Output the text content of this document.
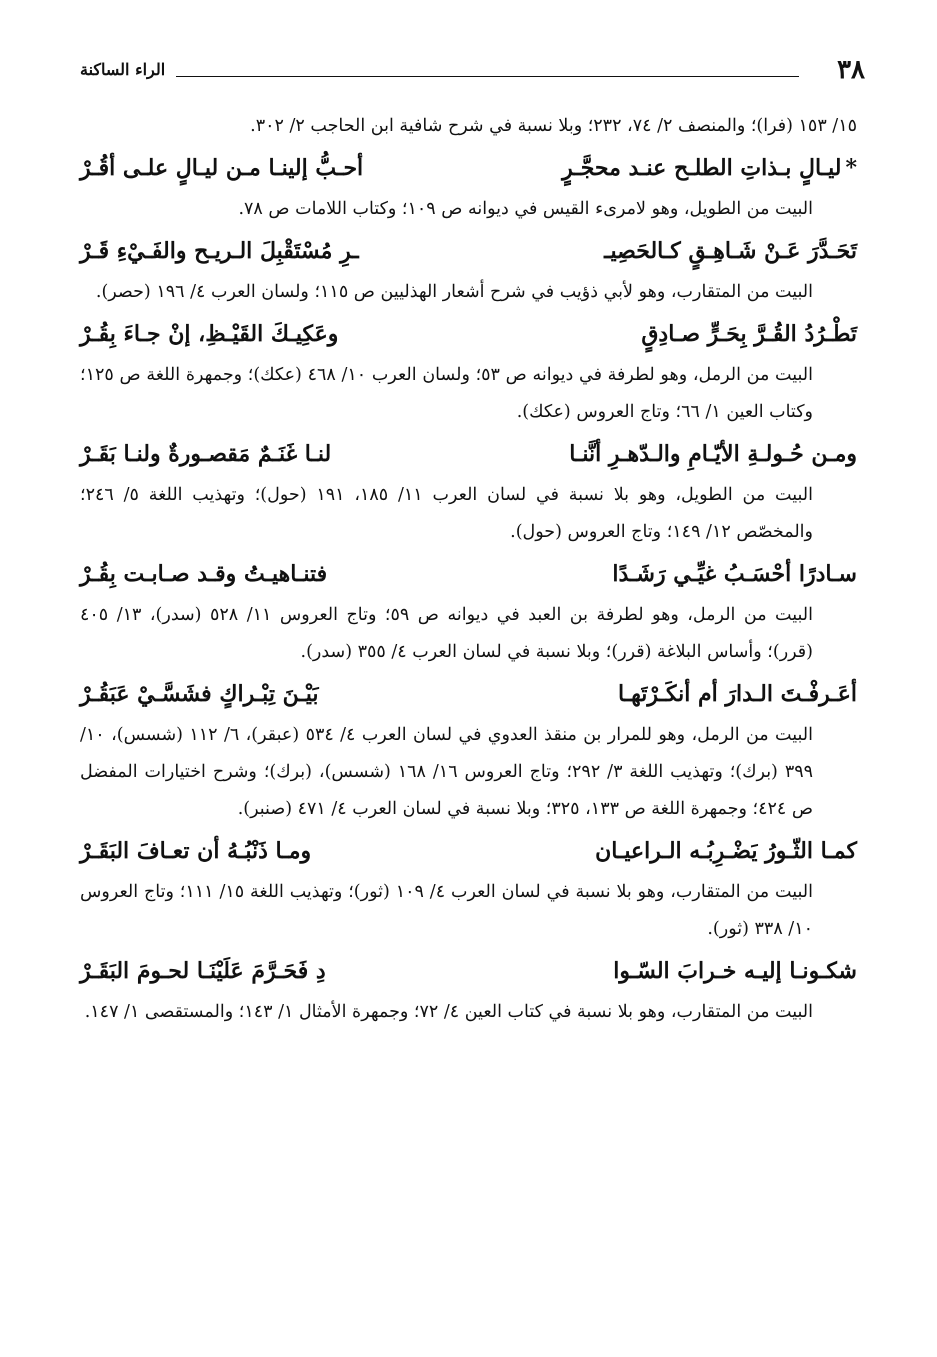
٣٨
الراء الساكنة

١٥/ ١٥٣ (فرا)؛ والمنصف ٢/ ٧٤، ٢٣٢؛ وبلا نسبة في شرح شافية ابن الحاجب ٢/ ٣٠٢.

*ليـالٍ بـذاتِ الطلـح عنـد محجَّـرٍ
أحـبُّ إلينـا مـن ليـالٍ علـى أقُـرْ

البيت من الطويل، وهو لامرىء القيس في ديوانه ص ١٠٩؛ وكتاب اللامات ص ٧٨.

تَحَـدَّرَ عَـنْ شَـاهِـقٍ كـالحَصِيـ
ـرِ مُسْتَقْبِلَ الـريـح والفَـيْءِ قَـرْ

البيت من المتقارب، وهو لأبي ذؤيب في شرح أشعار الهذليين ص ١١٥؛ ولسان العرب ٤/ ١٩٦ (حصر).

تَطْـرُدُ القُـرَّ بِحَـرٍّ صـادِقٍ
وعَكِيـكَ القَيْـظِ، إنْ جـاءَ بِقُـرْ

البيت من الرمل، وهو لطرفة في ديوانه ص ٥٣؛ ولسان العرب ١٠/ ٤٦٨ (عكك)؛ وجمهرة اللغة ص ١٢٥؛ وكتاب العين ١/ ٦٦؛ وتاج العروس (عكك).

ومـن حُـولـةِ الأيّـامِ والـدّهـرِ أنَّنـا
لنـا غَنَـمٌ مَقصـورةٌ ولنـا بَقَـرْ

البيت من الطويل، وهو بلا نسبة في لسان العرب ١١/ ١٨٥، ١٩١ (حول)؛ وتهذيب اللغة ٥/ ٢٤٦؛ والمخصّص ١٢/ ١٤٩؛ وتاج العروس (حول).

سـادرًا أحْسَـبُ غيِّـي رَشَـدًا
فتنـاهيـتُ وقـد صـابـت بِقُـرْ

البيت من الرمل، وهو لطرفة بن العبد في ديوانه ص ٥٩؛ وتاج العروس ١١/ ٥٢٨ (سدر)، ١٣/ ٤٠٥ (قرر)؛ وأساس البلاغة (قرر)؛ وبلا نسبة في لسان العرب ٤/ ٣٥٥ (سدر).

أعَـرفْـتَ الـدارَ أم أنكَـرْتَهـا
بَيْـنَ تِبْـراكٍ فشَسَّـيْ عَبَقُـرْ

البيت من الرمل، وهو للمرار بن منقذ العدوي في لسان العرب ٤/ ٥٣٤ (عبقر)، ٦/ ١١٢ (شسس)، ١٠/ ٣٩٩ (برك)؛ وتهذيب اللغة ٣/ ٢٩٢؛ وتاج العروس ١٦/ ١٦٨ (شسس)، (برك)؛ وشرح اختيارات المفضل ص ٤٢٤؛ وجمهرة اللغة ص ١٣٣، ٣٢٥؛ وبلا نسبة في لسان العرب ٤/ ٤٧١ (صنبر).

كمـا الثّـورُ يَضْـرِبُـه الـراعيـان
ومـا ذَنْبُـهُ أن تعـافَ البَقَـرْ

البيت من المتقارب، وهو بلا نسبة في لسان العرب ٤/ ١٠٩ (ثور)؛ وتهذيب اللغة ١٥/ ١١١؛ وتاج العروس ١٠/ ٣٣٨ (ثور).

شكـونـا إليـه خـرابَ السّـوا
دِ فَحَـرَّمَ عَلَيْنَـا لحـومَ البَقَـرْ

البيت من المتقارب، وهو بلا نسبة في كتاب العين ٤/ ٧٢؛ وجمهرة الأمثال ١/ ١٤٣؛ والمستقصى ١/ ١٤٧.
